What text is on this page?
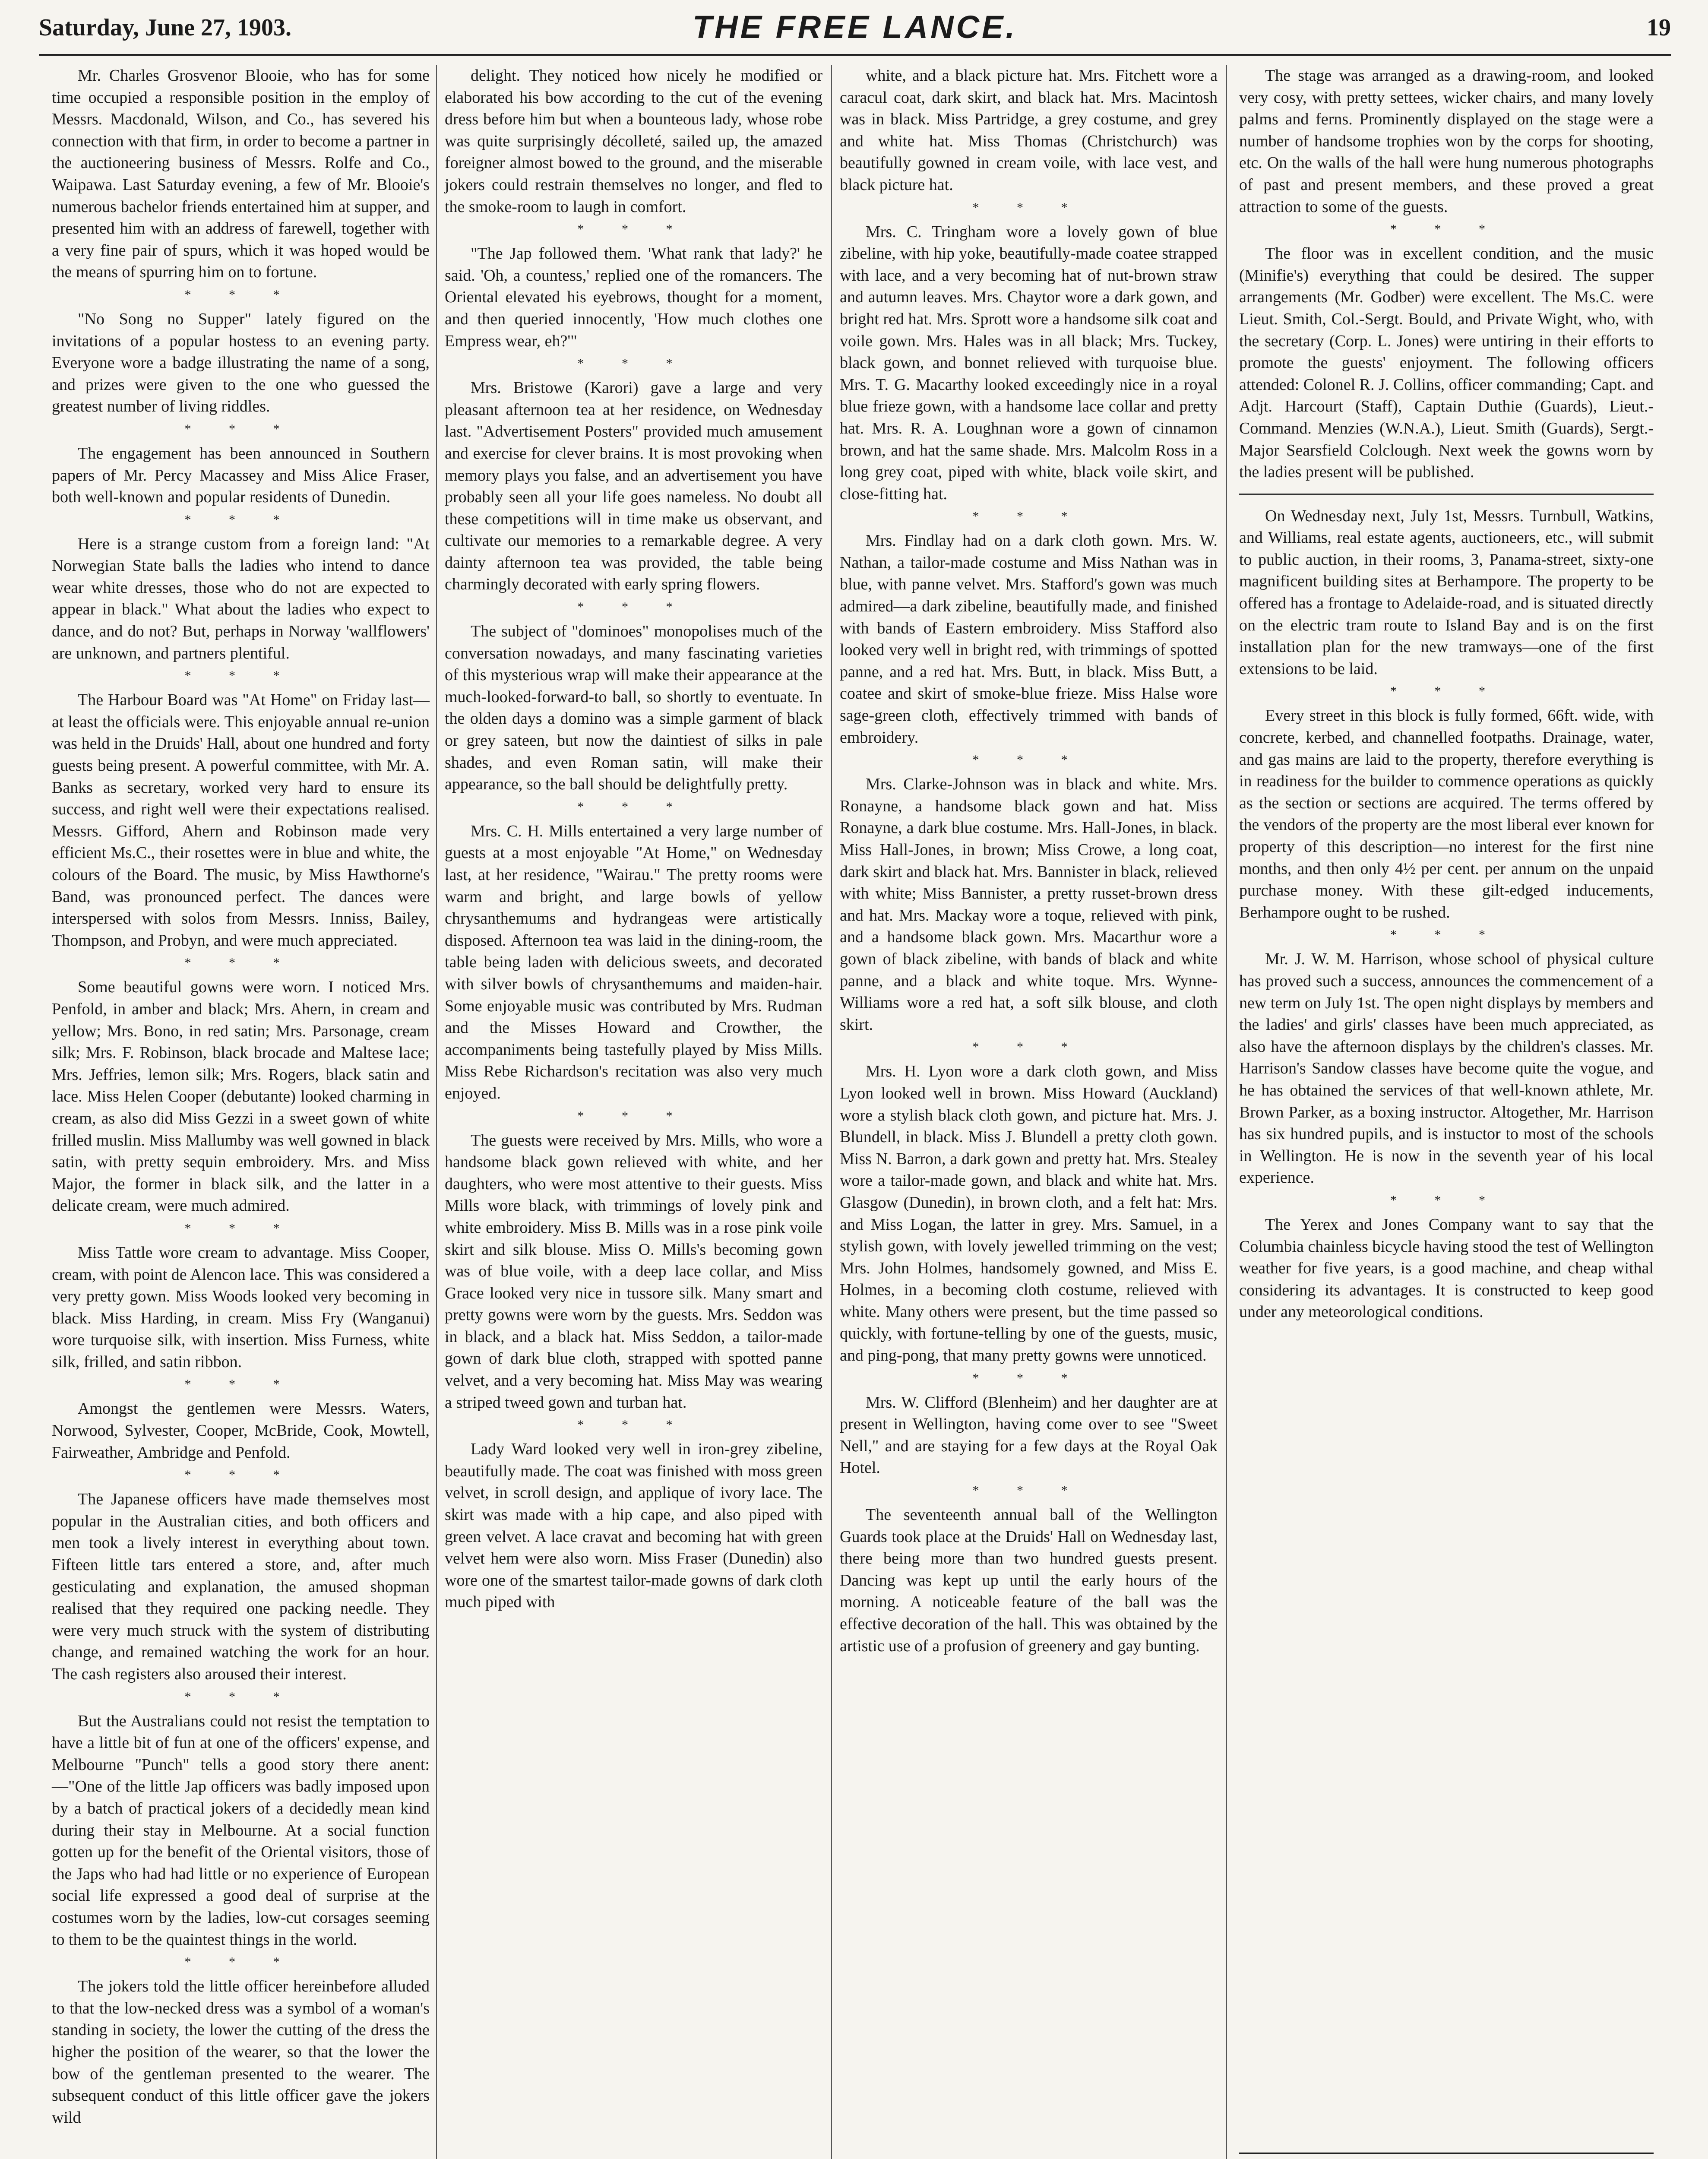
Saturday, June 27, 1903.	THE FREE LANCE.	19

Mr. Charles Grosvenor Blooie, who has for some time occupied a responsible position in the employ of Messrs. Macdonald, Wilson, and Co., has severed his connection with that firm, in order to become a partner in the auctioneering business of Messrs. Rolfe and Co., Waipawa. Last Saturday evening, a few of Mr. Blooie's numerous bachelor friends entertained him at supper, and presented him with an address of farewell, together with a very fine pair of spurs, which it was hoped would be the means of spurring him on to fortune.

* * *

"No Song no Supper" lately figured on the invitations of a popular hostess to an evening party. Everyone wore a badge illustrating the name of a song, and prizes were given to the one who guessed the greatest number of living riddles.

* * *

The engagement has been announced in Southern papers of Mr. Percy Macassey and Miss Alice Fraser, both well-known and popular residents of Dunedin.

* * *

Here is a strange custom from a foreign land: "At Norwegian State balls the ladies who intend to dance wear white dresses, those who do not are expected to appear in black." What about the ladies who expect to dance, and do not? But, perhaps in Norway 'wallflowers' are unknown, and partners plentiful.

* * *

The Harbour Board was "At Home" on Friday last—at least the officials were. This enjoyable annual re-union was held in the Druids' Hall, about one hundred and forty guests being present. A powerful committee, with Mr. A. Banks as secretary, worked very hard to ensure its success, and right well were their expectations realised. Messrs. Gifford, Ahern and Robinson made very efficient Ms.C., their rosettes were in blue and white, the colours of the Board. The music, by Miss Hawthorne's Band, was pronounced perfect. The dances were interspersed with solos from Messrs. Inniss, Bailey, Thompson, and Probyn, and were much appreciated.

* * *

Some beautiful gowns were worn. I noticed Mrs. Penfold, in amber and black; Mrs. Ahern, in cream and yellow; Mrs. Bono, in red satin; Mrs. Parsonage, cream silk; Mrs. F. Robinson, black brocade and Maltese lace; Mrs. Jeffries, lemon silk; Mrs. Rogers, black satin and lace. Miss Helen Cooper (debutante) looked charming in cream, as also did Miss Gezzi in a sweet gown of white frilled muslin. Miss Mallumby was well gowned in black satin, with pretty sequin embroidery. Mrs. and Miss Major, the former in black silk, and the latter in a delicate cream, were much admired.

* * *

Miss Tattle wore cream to advantage. Miss Cooper, cream, with point de Alencon lace. This was considered a very pretty gown. Miss Woods looked very becoming in black. Miss Harding, in cream. Miss Fry (Wanganui) wore turquoise silk, with insertion. Miss Furness, white silk, frilled, and satin ribbon.

* * *

Amongst the gentlemen were Messrs. Waters, Norwood, Sylvester, Cooper, McBride, Cook, Mowtell, Fairweather, Ambridge and Penfold.

* * *

The Japanese officers have made themselves most popular in the Australian cities, and both officers and men took a lively interest in everything about town. Fifteen little tars entered a store, and, after much gesticulating and explanation, the amused shopman realised that they required one packing needle. They were very much struck with the system of distributing change, and remained watching the work for an hour. The cash registers also aroused their interest.

* * *

But the Australians could not resist the temptation to have a little bit of fun at one of the officers' expense, and Melbourne "Punch" tells a good story there anent:—"One of the little Jap officers was badly imposed upon by a batch of practical jokers of a decidedly mean kind during their stay in Melbourne. At a social function gotten up for the benefit of the Oriental visitors, those of the Japs who had had little or no experience of European social life expressed a good deal of surprise at the costumes worn by the ladies, low-cut corsages seeming to them to be the quaintest things in the world.

* * *

The jokers told the little officer hereinbefore alluded to that the low-necked dress was a symbol of a woman's standing in society, the lower the cutting of the dress the higher the position of the wearer, so that the lower the bow of the gentleman presented to the wearer. The subsequent conduct of this little officer gave the jokers wild

delight. They noticed how nicely he modified or elaborated his bow according to the cut of the evening dress before him but when a bounteous lady, whose robe was quite surprisingly décolleté, sailed up, the amazed foreigner almost bowed to the ground, and the miserable jokers could restrain themselves no longer, and fled to the smoke-room to laugh in comfort.

* * *

"The Jap followed them. 'What rank that lady?' he said. 'Oh, a countess,' replied one of the romancers. The Oriental elevated his eyebrows, thought for a moment, and then queried innocently, 'How much clothes one Empress wear, eh?'"

* * *

Mrs. Bristowe (Karori) gave a large and very pleasant afternoon tea at her residence, on Wednesday last. "Advertisement Posters" provided much amusement and exercise for clever brains. It is most provoking when memory plays you false, and an advertisement you have probably seen all your life goes nameless. No doubt all these competitions will in time make us observant, and cultivate our memories to a remarkable degree. A very dainty afternoon tea was provided, the table being charmingly decorated with early spring flowers.

* * *

The subject of "dominoes" monopolises much of the conversation nowadays, and many fascinating varieties of this mysterious wrap will make their appearance at the much-looked-forward-to ball, so shortly to eventuate. In the olden days a domino was a simple garment of black or grey sateen, but now the daintiest of silks in pale shades, and even Roman satin, will make their appearance, so the ball should be delightfully pretty.

* * *

Mrs. C. H. Mills entertained a very large number of guests at a most enjoyable "At Home," on Wednesday last, at her residence, "Wairau." The pretty rooms were warm and bright, and large bowls of yellow chrysanthemums and hydrangeas were artistically disposed. Afternoon tea was laid in the dining-room, the table being laden with delicious sweets, and decorated with silver bowls of chrysanthemums and maiden-hair. Some enjoyable music was contributed by Mrs. Rudman and the Misses Howard and Crowther, the accompaniments being tastefully played by Miss Mills. Miss Rebe Richardson's recitation was also very much enjoyed.

* * *

The guests were received by Mrs. Mills, who wore a handsome black gown relieved with white, and her daughters, who were most attentive to their guests. Miss Mills wore black, with trimmings of lovely pink and white embroidery. Miss B. Mills was in a rose pink voile skirt and silk blouse. Miss O. Mills's becoming gown was of blue voile, with a deep lace collar, and Miss Grace looked very nice in tussore silk. Many smart and pretty gowns were worn by the guests. Mrs. Seddon was in black, and a black hat. Miss Seddon, a tailor-made gown of dark blue cloth, strapped with spotted panne velvet, and a very becoming hat. Miss May was wearing a striped tweed gown and turban hat.

* * *

Lady Ward looked very well in iron-grey zibeline, beautifully made. The coat was finished with moss green velvet, in scroll design, and applique of ivory lace. The skirt was made with a hip cape, and also piped with green velvet. A lace cravat and becoming hat with green velvet hem were also worn. Miss Fraser (Dunedin) also wore one of the smartest tailor-made gowns of dark cloth much piped with

white, and a black picture hat. Mrs. Fitchett wore a caracul coat, dark skirt, and black hat. Mrs. Macintosh was in black. Miss Partridge, a grey costume, and grey and white hat. Miss Thomas (Christchurch) was beautifully gowned in cream voile, with lace vest, and black picture hat.

* * *

Mrs. C. Tringham wore a lovely gown of blue zibeline, with hip yoke, beautifully-made coatee strapped with lace, and a very becoming hat of nut-brown straw and autumn leaves. Mrs. Chaytor wore a dark gown, and bright red hat. Mrs. Sprott wore a handsome silk coat and voile gown. Mrs. Hales was in all black; Mrs. Tuckey, black gown, and bonnet relieved with turquoise blue. Mrs. T. G. Macarthy looked exceedingly nice in a royal blue frieze gown, with a handsome lace collar and pretty hat. Mrs. R. A. Loughnan wore a gown of cinnamon brown, and hat the same shade. Mrs. Malcolm Ross in a long grey coat, piped with white, black voile skirt, and close-fitting hat.

* * *

Mrs. Findlay had on a dark cloth gown. Mrs. W. Nathan, a tailor-made costume and Miss Nathan was in blue, with panne velvet. Mrs. Stafford's gown was much admired—a dark zibeline, beautifully made, and finished with bands of Eastern embroidery. Miss Stafford also looked very well in bright red, with trimmings of spotted panne, and a red hat. Mrs. Butt, in black. Miss Butt, a coatee and skirt of smoke-blue frieze. Miss Halse wore sage-green cloth, effectively trimmed with bands of embroidery.

* * *

Mrs. Clarke-Johnson was in black and white. Mrs. Ronayne, a handsome black gown and hat. Miss Ronayne, a dark blue costume. Mrs. Hall-Jones, in black. Miss Hall-Jones, in brown; Miss Crowe, a long coat, dark skirt and black hat. Mrs. Bannister in black, relieved with white; Miss Bannister, a pretty russet-brown dress and hat. Mrs. Mackay wore a toque, relieved with pink, and a handsome black gown. Mrs. Macarthur wore a gown of black zibeline, with bands of black and white panne, and a black and white toque. Mrs. Wynne-Williams wore a red hat, a soft silk blouse, and cloth skirt.

* * *

Mrs. H. Lyon wore a dark cloth gown, and Miss Lyon looked well in brown. Miss Howard (Auckland) wore a stylish black cloth gown, and picture hat. Mrs. J. Blundell, in black. Miss J. Blundell a pretty cloth gown. Miss N. Barron, a dark gown and pretty hat. Mrs. Stealey wore a tailor-made gown, and black and white hat. Mrs. Glasgow (Dunedin), in brown cloth, and a felt hat: Mrs. and Miss Logan, the latter in grey. Mrs. Samuel, in a stylish gown, with lovely jewelled trimming on the vest; Mrs. John Holmes, handsomely gowned, and Miss E. Holmes, in a becoming cloth costume, relieved with white. Many others were present, but the time passed so quickly, with fortune-telling by one of the guests, music, and ping-pong, that many pretty gowns were unnoticed.

* * *

Mrs. W. Clifford (Blenheim) and her daughter are at present in Wellington, having come over to see "Sweet Nell," and are staying for a few days at the Royal Oak Hotel.

* * *

The seventeenth annual ball of the Wellington Guards took place at the Druids' Hall on Wednesday last, there being more than two hundred guests present. Dancing was kept up until the early hours of the morning. A noticeable feature of the ball was the effective decoration of the hall. This was obtained by the artistic use of a profusion of greenery and gay bunting.

The stage was arranged as a drawing-room, and looked very cosy, with pretty settees, wicker chairs, and many lovely palms and ferns. Prominently displayed on the stage were a number of handsome trophies won by the corps for shooting, etc. On the walls of the hall were hung numerous photographs of past and present members, and these proved a great attraction to some of the guests.

* * *

The floor was in excellent condition, and the music (Minifie's) everything that could be desired. The supper arrangements (Mr. Godber) were excellent. The Ms.C. were Lieut. Smith, Col.-Sergt. Bould, and Private Wight, who, with the secretary (Corp. L. Jones) were untiring in their efforts to promote the guests' enjoyment. The following officers attended: Colonel R. J. Collins, officer commanding; Capt. and Adjt. Harcourt (Staff), Captain Duthie (Guards), Lieut.-Command. Menzies (W.N.A.), Lieut. Smith (Guards), Sergt.-Major Searsfield Colclough. Next week the gowns worn by the ladies present will be published.

On Wednesday next, July 1st, Messrs. Turnbull, Watkins, and Williams, real estate agents, auctioneers, etc., will submit to public auction, in their rooms, 3, Panama-street, sixty-one magnificent building sites at Berhampore. The property to be offered has a frontage to Adelaide-road, and is situated directly on the electric tram route to Island Bay and is on the first installation plan for the new tramways—one of the first extensions to be laid.

* * *

Every street in this block is fully formed, 66ft. wide, with concrete, kerbed, and channelled footpaths. Drainage, water, and gas mains are laid to the property, therefore everything is in readiness for the builder to commence operations as quickly as the section or sections are acquired. The terms offered by the vendors of the property are the most liberal ever known for property of this description—no interest for the first nine months, and then only 4½ per cent. per annum on the unpaid purchase money. With these gilt-edged inducements, Berhampore ought to be rushed.

* * *

Mr. J. W. M. Harrison, whose school of physical culture has proved such a success, announces the commencement of a new term on July 1st. The open night displays by members and the ladies' and girls' classes have been much appreciated, as also have the afternoon displays by the children's classes. Mr. Harrison's Sandow classes have become quite the vogue, and he has obtained the services of that well-known athlete, Mr. Brown Parker, as a boxing instructor. Altogether, Mr. Harrison has six hundred pupils, and is instuctor to most of the schools in Wellington. He is now in the seventh year of his local experience.

* * *

The Yerex and Jones Company want to say that the Columbia chainless bicycle having stood the test of Wellington weather for five years, is a good machine, and cheap withal considering its advantages. It is constructed to keep good under any meteorological conditions.
